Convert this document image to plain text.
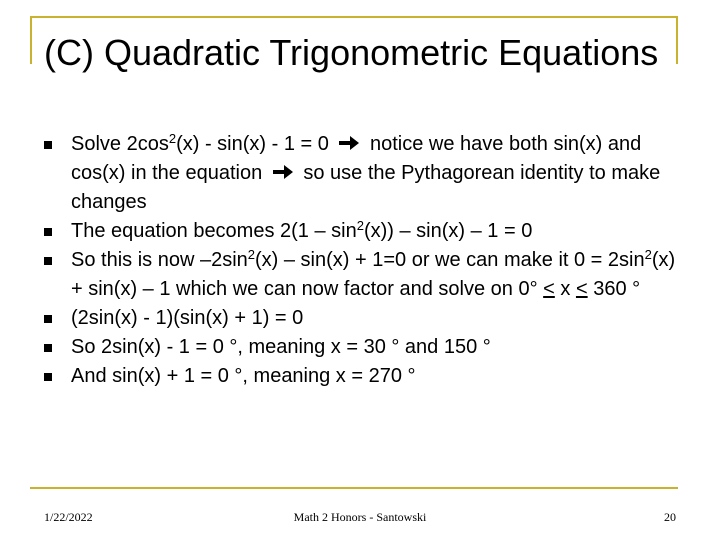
(C) Quadratic Trigonometric Equations
Solve $2\cos^2(x) - \sin(x) - 1 = 0$  notice we have both sin(x) and cos(x) in the equation  so use the Pythagorean identity to make changes
The equation becomes $2(1 - \sin^2(x)) - \sin(x) - 1 = 0$
So this is now $-2\sin^2(x) - \sin(x) + 1=0$ or we can make it $0 = 2\sin^2(x) + \sin(x) - 1$ which we can now factor and solve on 0° < x < 360 °
(2sin(x) - 1)(sin(x) + 1) = 0
So 2sin(x) - 1 = 0 °, meaning x = 30 ° and 150 °
And sin(x) + 1 = 0 °, meaning x = 270 °
1/22/2022	Math 2 Honors - Santowski	20
